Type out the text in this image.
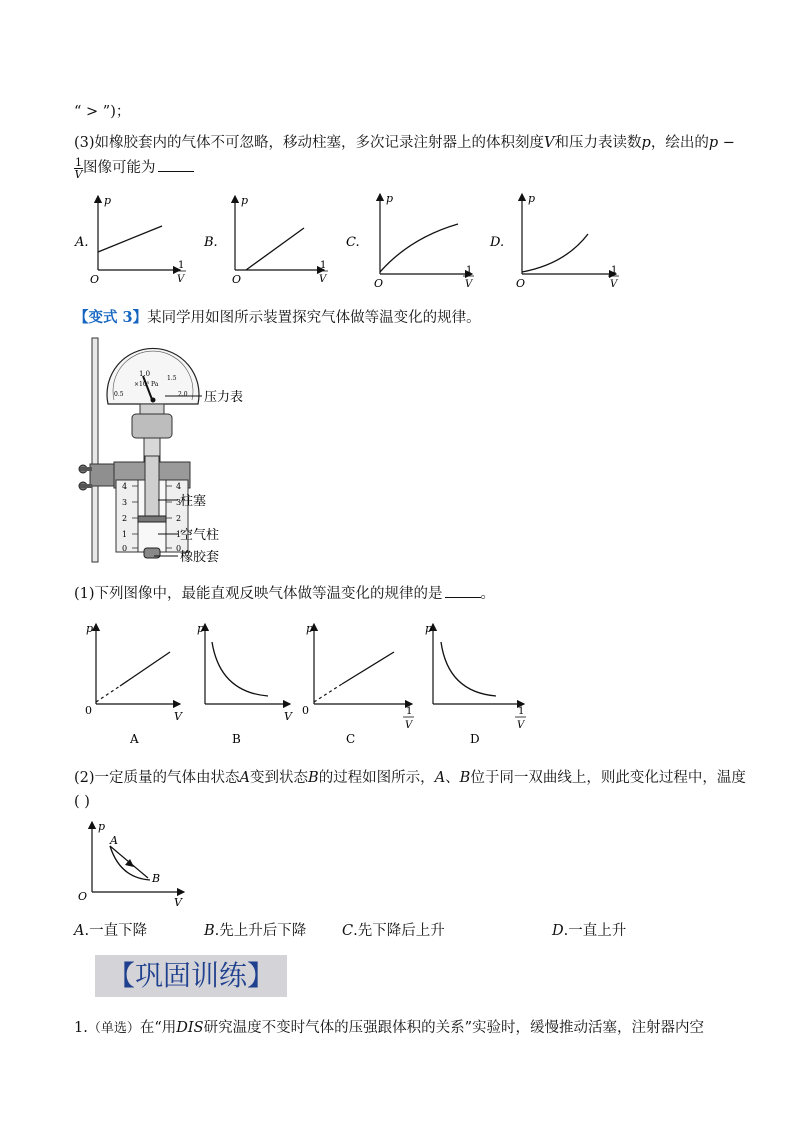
“ > ”)；
(3)如橡胶套内的气体不可忽略，移动柱塞，多次记录注射器上的体积刻度V和压力表读数p，绘出的p −
$\frac{1}{V}$ 图像可能为
p
O
A.
1
V
p
O
B.
1
V
p
O
C.
1
V
p
O
D.
1
V
【变式 3】某同学用如图所示装置探究气体做等温变化的规律。
1.0
×10⁵ Pa
0.5
1.5
2.0
4
3
2
1
0
4
3
2
1
0
压力表
柱塞
空气柱
橡胶套
(1)下列图像中，最能直观反映气体做等温变化的规律的是	。
p
0	V
A
p
V
B
p
0	1
V
C
p
1
V
D
(2)一定质量的气体由状态A变到状态B的过程如图所示，A、B位于同一双曲线上，则此变化过程中，温度
( )
p
O	V
A
B
A.一直下降	B.先上升后下降 C.先下降后上升	D.一直上升
【巩固训练】
1.（单选）在“用DIS研究温度不变时气体的压强跟体积的关系”实验时，缓慢推动活塞，注射器内空
